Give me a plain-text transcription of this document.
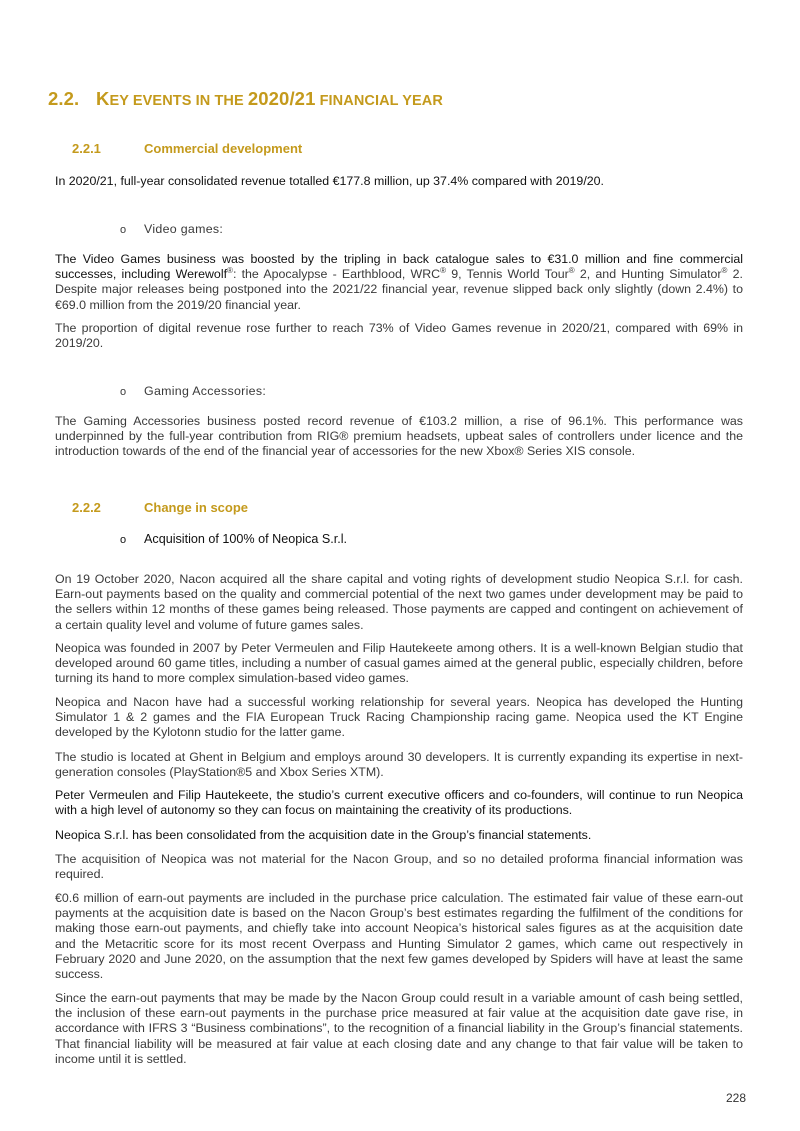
2.2. KEY EVENTS IN THE 2020/21 FINANCIAL YEAR
2.2.1	Commercial development

In 2020/21, full-year consolidated revenue totalled €177.8 million, up 37.4% compared with 2019/20.

o Video games:

The Video Games business was boosted by the tripling in back catalogue sales to €31.0 million and fine commercial successes, including Werewolf®: the Apocalypse - Earthblood, WRC® 9, Tennis World Tour® 2, and Hunting Simulator® 2. Despite major releases being postponed into the 2021/22 financial year, revenue slipped back only slightly (down 2.4%) to €69.0 million from the 2019/20 financial year.

The proportion of digital revenue rose further to reach 73% of Video Games revenue in 2020/21, compared with 69% in 2019/20.

o Gaming Accessories:

The Gaming Accessories business posted record revenue of €103.2 million, a rise of 96.1%. This performance was underpinned by the full-year contribution from RIG® premium headsets, upbeat sales of controllers under licence and the introduction towards of the end of the financial year of accessories for the new Xbox® Series XIS console.

2.2.2	Change in scope
o Acquisition of 100% of Neopica S.r.l.

On 19 October 2020, Nacon acquired all the share capital and voting rights of development studio Neopica S.r.l. for cash. Earn-out payments based on the quality and commercial potential of the next two games under development may be paid to the sellers within 12 months of these games being released. Those payments are capped and contingent on achievement of a certain quality level and volume of future games sales.

Neopica was founded in 2007 by Peter Vermeulen and Filip Hautekeete among others. It is a well-known Belgian studio that developed around 60 game titles, including a number of casual games aimed at the general public, especially children, before turning its hand to more complex simulation-based video games.

Neopica and Nacon have had a successful working relationship for several years. Neopica has developed the Hunting Simulator 1 & 2 games and the FIA European Truck Racing Championship racing game. Neopica used the KT Engine developed by the Kylotonn studio for the latter game.

The studio is located at Ghent in Belgium and employs around 30 developers. It is currently expanding its expertise in next-generation consoles (PlayStation®5 and Xbox Series XTM).

Peter Vermeulen and Filip Hautekeete, the studio’s current executive officers and co-founders, will continue to run Neopica with a high level of autonomy so they can focus on maintaining the creativity of its productions.

Neopica S.r.l. has been consolidated from the acquisition date in the Group’s financial statements.

The acquisition of Neopica was not material for the Nacon Group, and so no detailed proforma financial information was required.

€0.6 million of earn-out payments are included in the purchase price calculation. The estimated fair value of these earn-out payments at the acquisition date is based on the Nacon Group’s best estimates regarding the fulfilment of the conditions for making those earn-out payments, and chiefly take into account Neopica’s historical sales figures as at the acquisition date and the Metacritic score for its most recent Overpass and Hunting Simulator 2 games, which came out respectively in February 2020 and June 2020, on the assumption that the next few games developed by Spiders will have at least the same success.

Since the earn-out payments that may be made by the Nacon Group could result in a variable amount of cash being settled, the inclusion of these earn-out payments in the purchase price measured at fair value at the acquisition date gave rise, in accordance with IFRS 3 “Business combinations”, to the recognition of a financial liability in the Group’s financial statements. That financial liability will be measured at fair value at each closing date and any change to that fair value will be taken to income until it is settled.

228
